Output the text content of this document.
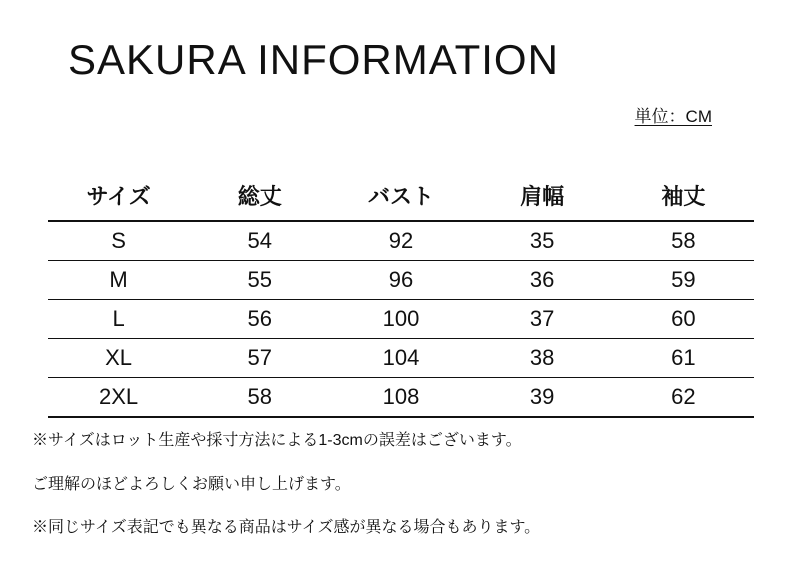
SAKURA INFORMATION
単位：CM
サイズ	総丈	バスト	肩幅	袖丈
S	54	92	35	58
M	55	96	36	59
L	56	100	37	60
XL	57	104	38	61
2XL	58	108	39	62
※サイズはロット生産や採寸方法による1-3cmの誤差はございます。
ご理解のほどよろしくお願い申し上げます。
※同じサイズ表記でも異なる商品はサイズ感が異なる場合もあります。
